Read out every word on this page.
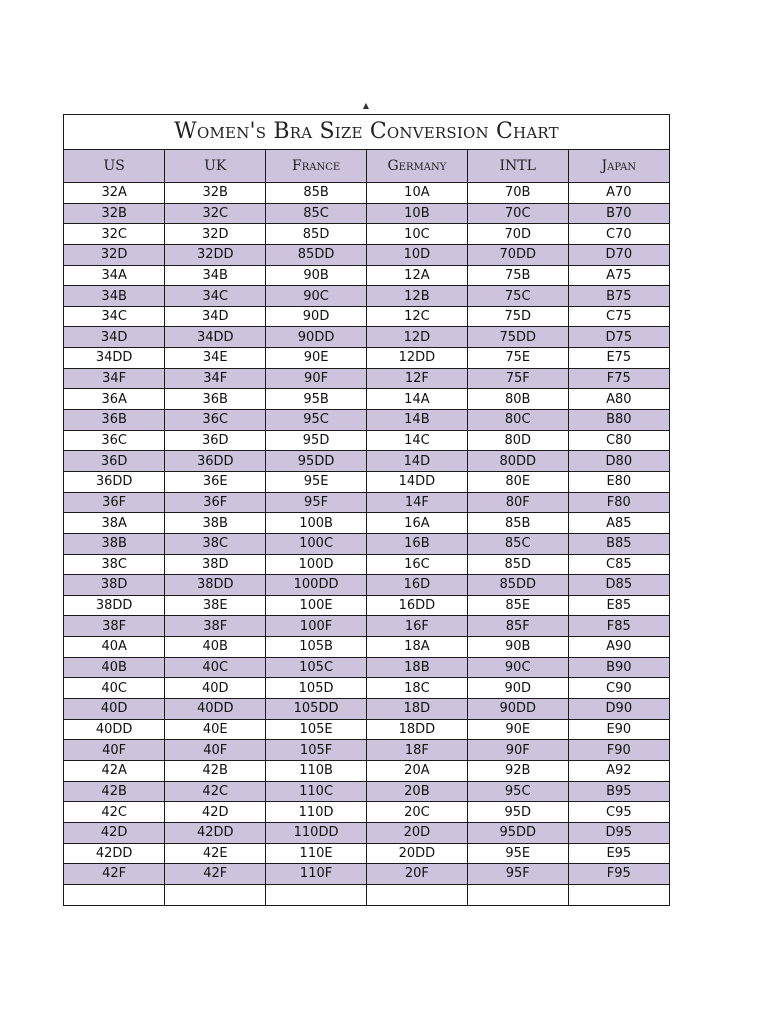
▲
Women's Bra Size Conversion Chart
US	UK	France	Germany	INTL	Japan
32A	32B	85B	10A	70B	A70
32B	32C	85C	10B	70C	B70
32C	32D	85D	10C	70D	C70
32D	32DD	85DD	10D	70DD	D70
34A	34B	90B	12A	75B	A75
34B	34C	90C	12B	75C	B75
34C	34D	90D	12C	75D	C75
34D	34DD	90DD	12D	75DD	D75
34DD	34E	90E	12DD	75E	E75
34F	34F	90F	12F	75F	F75
36A	36B	95B	14A	80B	A80
36B	36C	95C	14B	80C	B80
36C	36D	95D	14C	80D	C80
36D	36DD	95DD	14D	80DD	D80
36DD	36E	95E	14DD	80E	E80
36F	36F	95F	14F	80F	F80
38A	38B	100B	16A	85B	A85
38B	38C	100C	16B	85C	B85
38C	38D	100D	16C	85D	C85
38D	38DD	100DD	16D	85DD	D85
38DD	38E	100E	16DD	85E	E85
38F	38F	100F	16F	85F	F85
40A	40B	105B	18A	90B	A90
40B	40C	105C	18B	90C	B90
40C	40D	105D	18C	90D	C90
40D	40DD	105DD	18D	90DD	D90
40DD	40E	105E	18DD	90E	E90
40F	40F	105F	18F	90F	F90
42A	42B	110B	20A	92B	A92
42B	42C	110C	20B	95C	B95
42C	42D	110D	20C	95D	C95
42D	42DD	110DD	20D	95DD	D95
42DD	42E	110E	20DD	95E	E95
42F	42F	110F	20F	95F	F95
